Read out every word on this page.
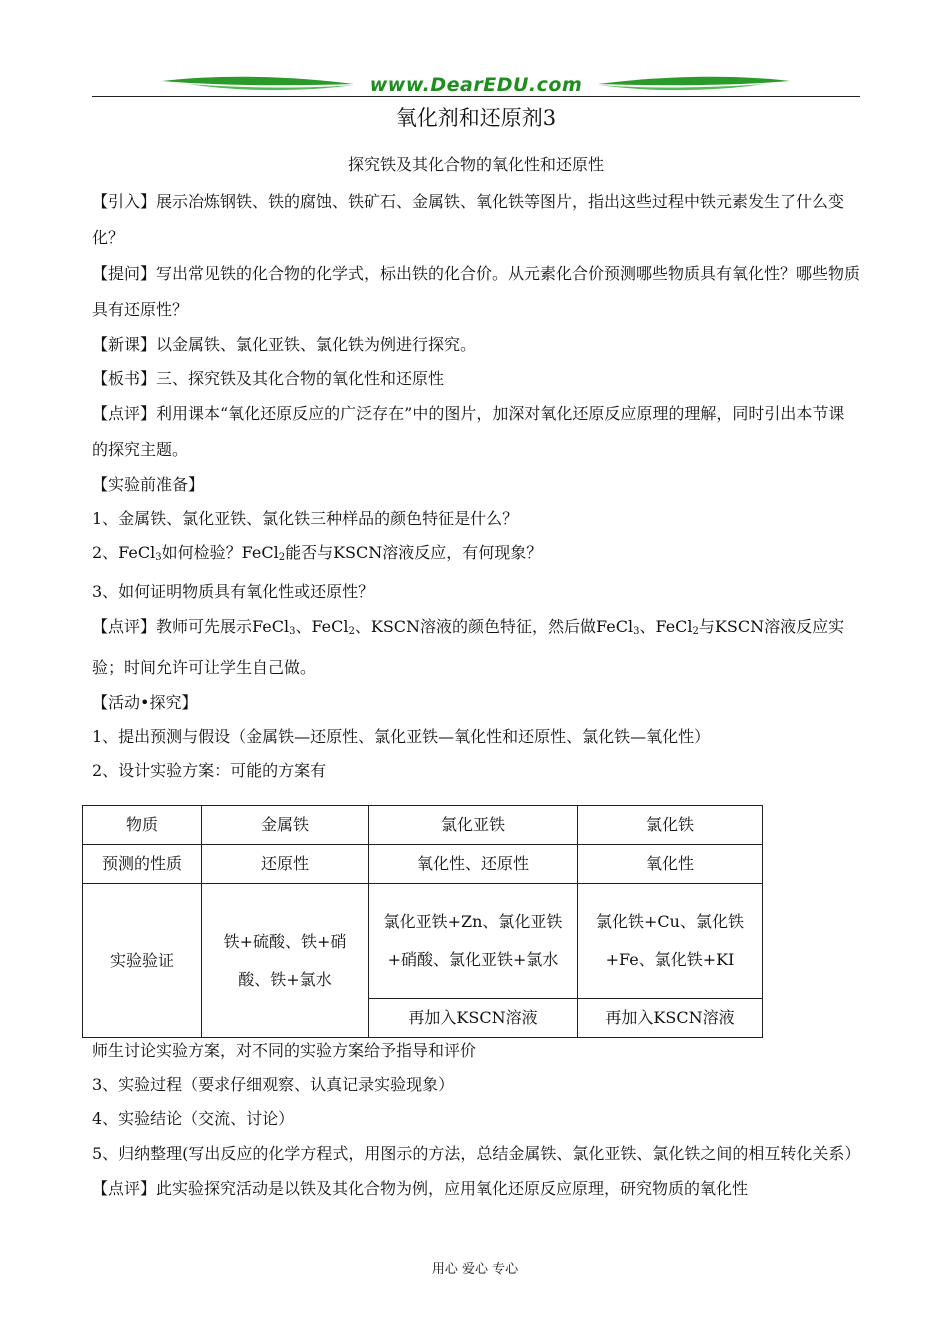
www.DearEDU.com
氧化剂和还原剂3
探究铁及其化合物的氧化性和还原性

【引入】展示冶炼钢铁、铁的腐蚀、铁矿石、金属铁、氧化铁等图片，指出这些过程中铁元素发生了什么变化？

【提问】写出常见铁的化合物的化学式，标出铁的化合价。从元素化合价预测哪些物质具有氧化性？哪些物质具有还原性？

【新课】以金属铁、氯化亚铁、氯化铁为例进行探究。

【板书】三、探究铁及其化合物的氧化性和还原性

【点评】利用课本“氧化还原反应的广泛存在”中的图片，加深对氧化还原反应原理的理解，同时引出本节课的探究主题。

【实验前准备】

1、金属铁、氯化亚铁、氯化铁三种样品的颜色特征是什么？

2、FeCl$_3$如何检验？FeCl$_2$能否与KSCN溶液反应，有何现象？

3、如何证明物质具有氧化性或还原性？

【点评】教师可先展示FeCl$_3$、FeCl$_2$、KSCN溶液的颜色特征，然后做FeCl$_3$、FeCl$_2$与KSCN溶液反应实验；时间允许可让学生自己做。

【活动•探究】

1、提出预测与假设（金属铁—还原性、氯化亚铁—氧化性和还原性、氯化铁—氧化性）

2、设计实验方案：可能的方案有

物质	金属铁	氯化亚铁	氯化铁
预测的性质	还原性	氧化性、还原性	氧化性
实验验证	铁+硫酸、铁+硝酸、铁+氯水	氯化亚铁+Zn、氯化亚铁+硝酸、氯化亚铁+氯水	氯化铁+Cu、氯化铁+Fe、氯化铁+KI
		再加入KSCN溶液	再加入KSCN溶液

师生讨论实验方案，对不同的实验方案给予指导和评价

3、实验过程（要求仔细观察、认真记录实验现象）

4、实验结论（交流、讨论）

5、归纳整理(写出反应的化学方程式，用图示的方法，总结金属铁、氯化亚铁、氯化铁之间的相互转化关系）

【点评】此实验探究活动是以铁及其化合物为例，应用氧化还原反应原理，研究物质的氧化性

用心 爱心 专心
